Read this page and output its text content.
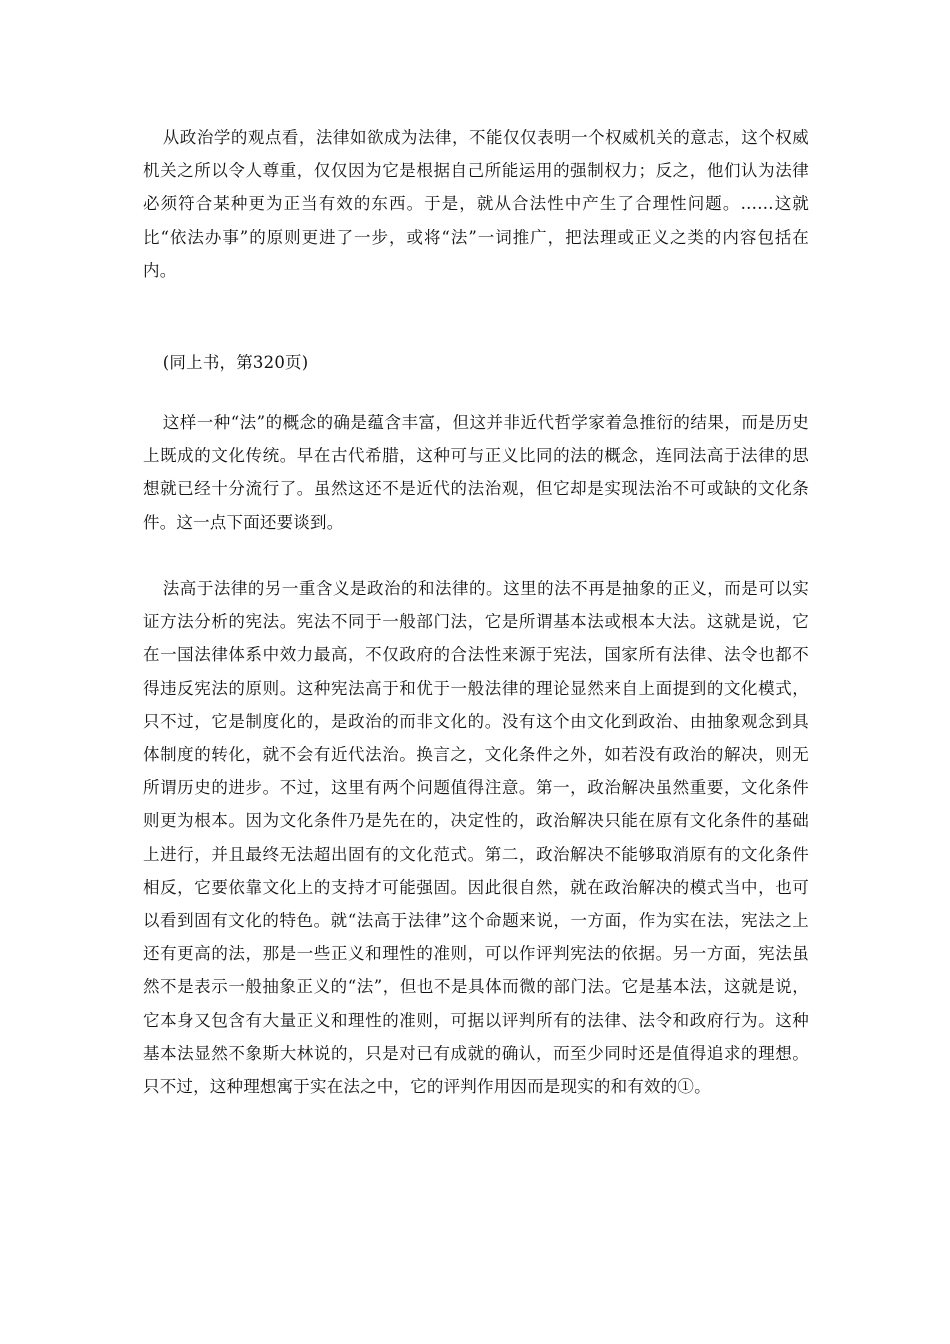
从政治学的观点看，法律如欲成为法律，不能仅仅表明一个权威机关的意志，这个权威机关之所以令人尊重，仅仅因为它是根据自己所能运用的强制权力；反之，他们认为法律必须符合某种更为正当有效的东西。于是，就从合法性中产生了合理性问题。……这就比“依法办事”的原则更进了一步，或将“法”一词推广，把法理或正义之类的内容包括在内。

(同上书，第320页)

这样一种“法”的概念的确是蕴含丰富，但这并非近代哲学家着急推衍的结果，而是历史上既成的文化传统。早在古代希腊，这种可与正义比同的法的概念，连同法高于法律的思想就已经十分流行了。虽然这还不是近代的法治观，但它却是实现法治不可或缺的文化条件。这一点下面还要谈到。

法高于法律的另一重含义是政治的和法律的。这里的法不再是抽象的正义，而是可以实证方法分析的宪法。宪法不同于一般部门法，它是所谓基本法或根本大法。这就是说，它在一国法律体系中效力最高，不仅政府的合法性来源于宪法，国家所有法律、法令也都不得违反宪法的原则。这种宪法高于和优于一般法律的理论显然来自上面提到的文化模式，只不过，它是制度化的，是政治的而非文化的。没有这个由文化到政治、由抽象观念到具体制度的转化，就不会有近代法治。换言之，文化条件之外，如若没有政治的解决，则无所谓历史的进步。不过，这里有两个问题值得注意。第一，政治解决虽然重要，文化条件则更为根本。因为文化条件乃是先在的，决定性的，政治解决只能在原有文化条件的基础上进行，并且最终无法超出固有的文化范式。第二，政治解决不能够取消原有的文化条件相反，它要依靠文化上的支持才可能强固。因此很自然，就在政治解决的模式当中，也可以看到固有文化的特色。就“法高于法律”这个命题来说，一方面，作为实在法，宪法之上还有更高的法，那是一些正义和理性的准则，可以作评判宪法的依据。另一方面，宪法虽然不是表示一般抽象正义的“法”，但也不是具体而微的部门法。它是基本法，这就是说，它本身又包含有大量正义和理性的准则，可据以评判所有的法律、法令和政府行为。这种基本法显然不象斯大林说的，只是对已有成就的确认，而至少同时还是值得追求的理想。只不过，这种理想寓于实在法之中，它的评判作用因而是现实的和有效的①。
